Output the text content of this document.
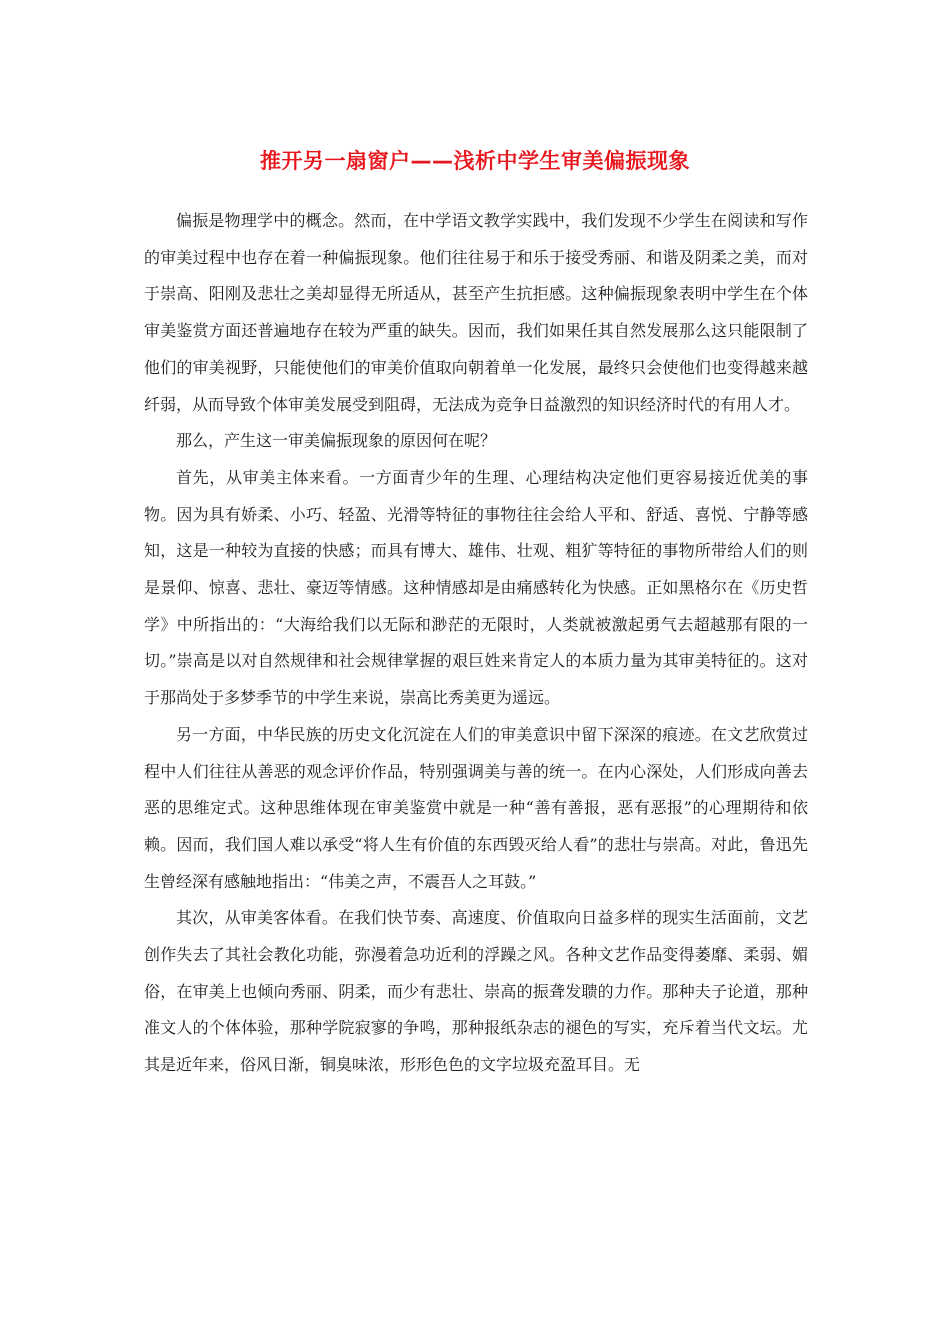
推开另一扇窗户——浅析中学生审美偏振现象

偏振是物理学中的概念。然而，在中学语文教学实践中，我们发现不少学生在阅读和写作的审美过程中也存在着一种偏振现象。他们往往易于和乐于接受秀丽、和谐及阴柔之美，而对于崇高、阳刚及悲壮之美却显得无所适从，甚至产生抗拒感。这种偏振现象表明中学生在个体审美鉴赏方面还普遍地存在较为严重的缺失。因而，我们如果任其自然发展那么这只能限制了他们的审美视野，只能使他们的审美价值取向朝着单一化发展，最终只会使他们也变得越来越纤弱，从而导致个体审美发展受到阻碍，无法成为竞争日益激烈的知识经济时代的有用人才。

那么，产生这一审美偏振现象的原因何在呢？

首先，从审美主体来看。一方面青少年的生理、心理结构决定他们更容易接近优美的事物。因为具有娇柔、小巧、轻盈、光滑等特征的事物往往会给人平和、舒适、喜悦、宁静等感知，这是一种较为直接的快感；而具有博大、雄伟、壮观、粗犷等特征的事物所带给人们的则是景仰、惊喜、悲壮、豪迈等情感。这种情感却是由痛感转化为快感。正如黑格尔在《历史哲学》中所指出的：“大海给我们以无际和渺茫的无限时，人类就被激起勇气去超越那有限的一切。”崇高是以对自然规律和社会规律掌握的艰巨姓来肯定人的本质力量为其审美特征的。这对于那尚处于多梦季节的中学生来说，崇高比秀美更为遥远。

另一方面，中华民族的历史文化沉淀在人们的审美意识中留下深深的痕迹。在文艺欣赏过程中人们往往从善恶的观念评价作品，特别强调美与善的统一。在内心深处，人们形成向善去恶的思维定式。这种思维体现在审美鉴赏中就是一种“善有善报，恶有恶报”的心理期待和依赖。因而，我们国人难以承受“将人生有价值的东西毁灭给人看”的悲壮与崇高。对此，鲁迅先生曾经深有感触地指出：“伟美之声，不震吾人之耳鼓。”

其次，从审美客体看。在我们快节奏、高速度、价值取向日益多样的现实生活面前，文艺创作失去了其社会教化功能，弥漫着急功近利的浮躁之风。各种文艺作品变得萎靡、柔弱、媚俗，在审美上也倾向秀丽、阴柔，而少有悲壮、崇高的振聋发聩的力作。那种夫子论道，那种准文人的个体体验，那种学院寂寥的争鸣，那种报纸杂志的褪色的写实，充斥着当代文坛。尤其是近年来，俗风日渐，铜臭味浓，形形色色的文字垃圾充盈耳目。无
